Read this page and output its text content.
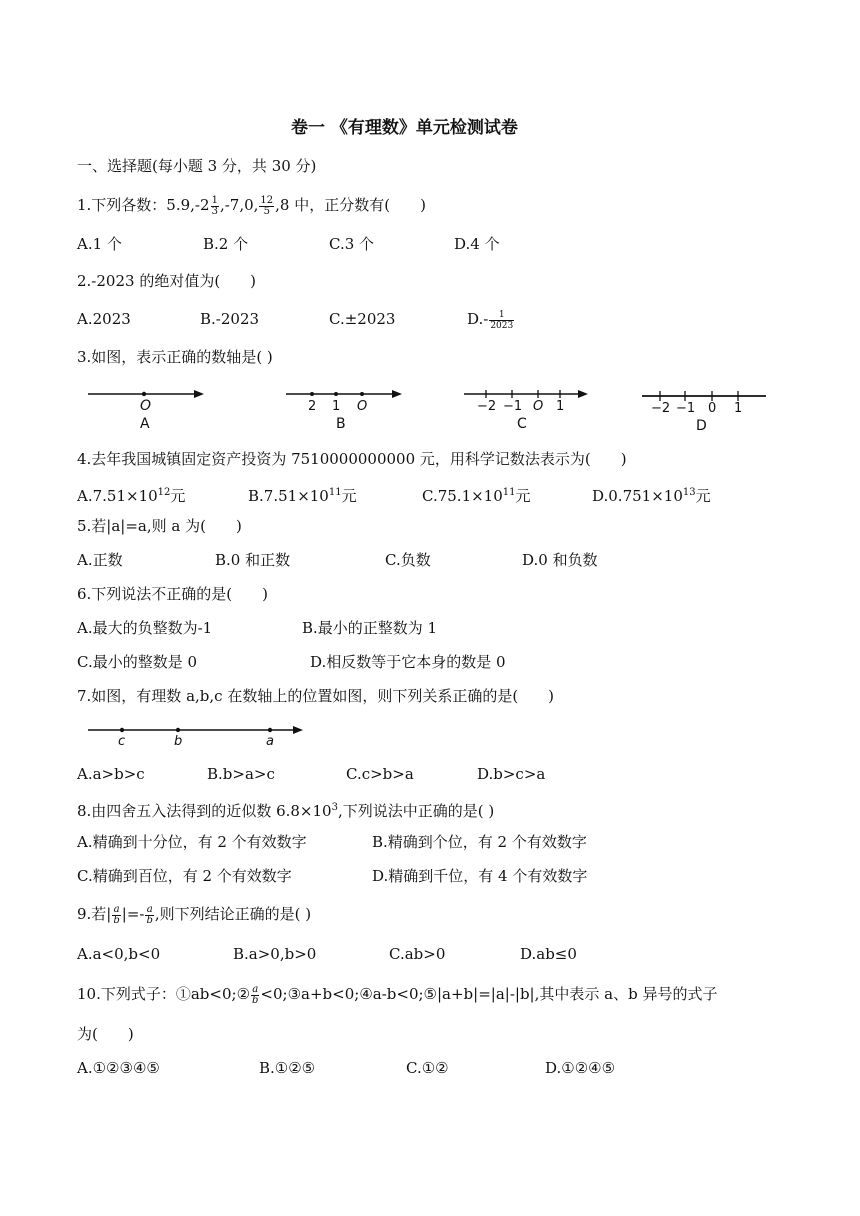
卷一 《有理数》单元检测试卷
一、选择题(每小题 3 分，共 30 分)
1.下列各数：$5.9,-2 \frac{1}{3} ,-7,0$, $\frac{12}{5} ,8$ 中，正分数有(　　)
A.1 个	B.2 个	C.3 个	D.4 个
2.-2023 的绝对值为(　　)
A.2023	B.-2023	C.±2023	$D.- \frac{1}{2023}$
3.如图，表示正确的数轴是( )
O
A
2 1 O
B
−2 −1 O 1
C
−2 −1 0 1
D
4.去年我国城镇固定资产投资为 7510000000000 元，用科学记数法表示为(　　)
$A.7.51\times 10^{12}$元	$B.7.51\times 10^{11}$元	$C.75.1\times 10^{11}$元	$D.0.751\times 10^{13}$元
5.若|a|=a,则 a 为(　　)
A.正数	B.0 和正数	C.负数	D.0 和负数
6.下列说法不正确的是(　　)
A.最大的负整数为-1	B.最小的正整数为 1
C.最小的整数是 0	D.相反数等于它本身的数是 0
7.如图，有理数 a,b,c 在数轴上的位置如图，则下列关系正确的是(　　)
c	b	a
A.a>b>c	B.b>a>c	C.c>b>a	D.b>c>a
8.由四舍五入法得到的近似数 $6.8\times 10^3$,下列说法中正确的是( )
A.精确到十分位，有 2 个有效数字	B.精确到个位，有 2 个有效数字
C.精确到百位，有 2 个有效数字	D.精确到千位，有 4 个有效数字
9.若| $\frac{a}{b}$ |=- $\frac{a}{b}$ ,则下列结论正确的是( )
A.a<0,b<0	B.a>0,b>0	C.ab>0	D.ab≤0
10.下列式子：①ab<0;② $\frac{a}{b}$ <0;③a+b<0;④a-b<0;⑤|a+b|=|a|-|b|,其中表示 a、b 异号的式子
为(　　)
A.①②③④⑤	B.①②⑤	C.①②	D.①②④⑤
